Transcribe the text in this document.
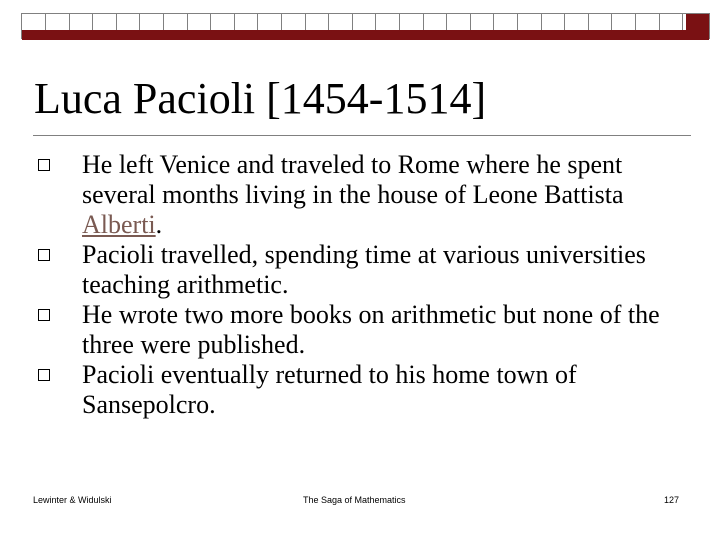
Luca Pacioli [1454-1514]
He left Venice and traveled to Rome where he spent several months living in the house of Leone Battista Alberti.
Pacioli travelled, spending time at various universities teaching arithmetic.
He wrote two more books on arithmetic but none of the three were published.
Pacioli eventually returned to his home town of Sansepolcro.
Lewinter & Widulski	The Saga of Mathematics	127
